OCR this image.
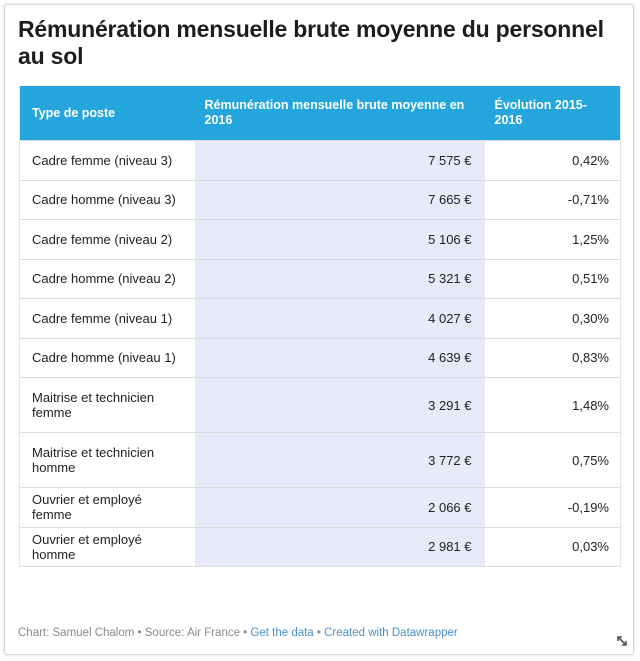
Rémunération mensuelle brute moyenne du personnel au sol
Type de poste	Rémunération mensuelle brute moyenne en 2016	Évolution 2015-2016
Cadre femme (niveau 3)	7 575 €	0,42%
Cadre homme (niveau 3)	7 665 €	-0,71%
Cadre femme (niveau 2)	5 106 €	1,25%
Cadre homme (niveau 2)	5 321 €	0,51%
Cadre femme (niveau 1)	4 027 €	0,30%
Cadre homme (niveau 1)	4 639 €	0,83%
Maitrise et technicien femme	3 291 €	1,48%
Maitrise et technicien homme	3 772 €	0,75%
Ouvrier et employé femme	2 066 €	-0,19%
Ouvrier et employé homme	2 981 €	0,03%
Chart: Samuel Chalom • Source: Air France • Get the data • Created with Datawrapper
